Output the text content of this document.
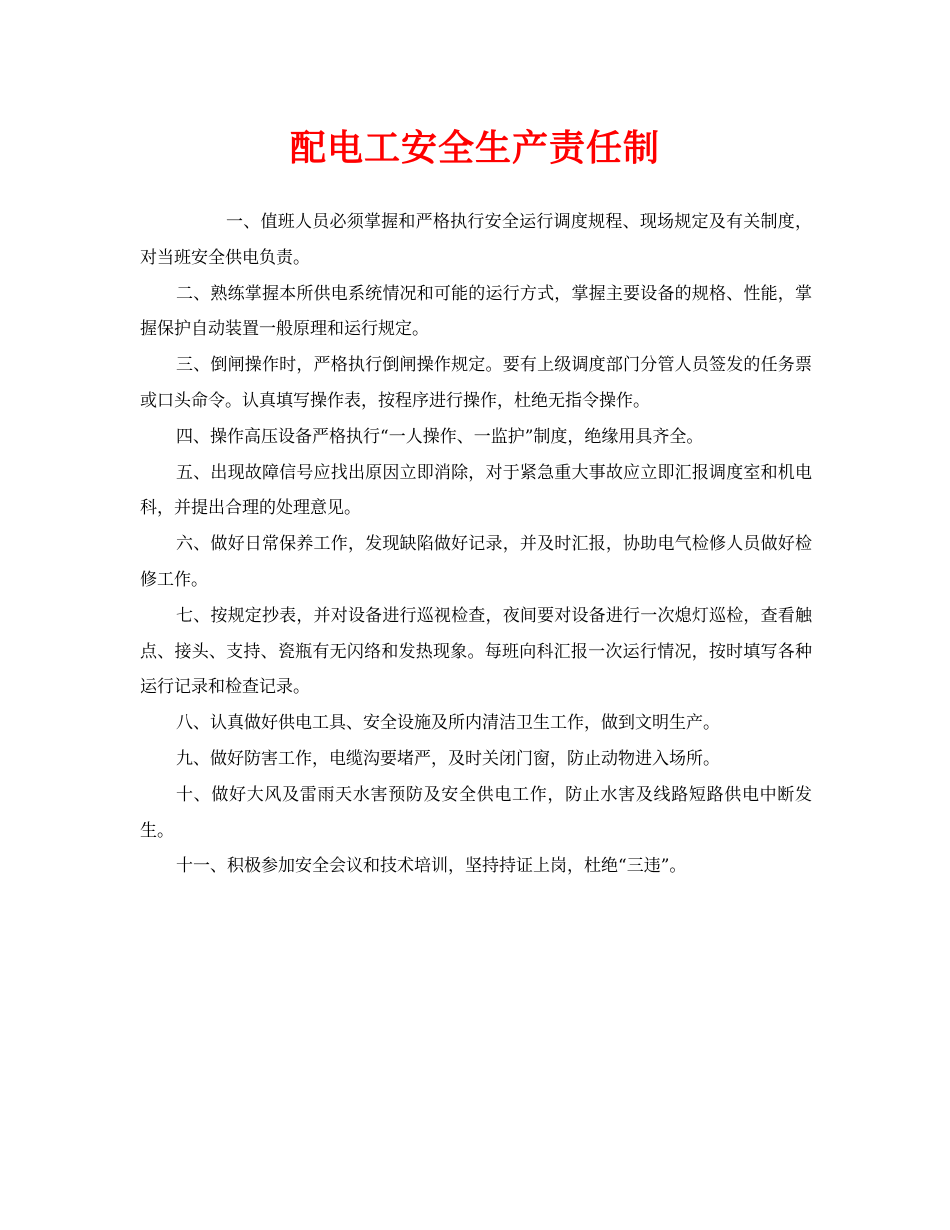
配电工安全生产责任制

一、值班人员必须掌握和严格执行安全运行调度规程、现场规定及有关制度，对当班安全供电负责。

二、熟练掌握本所供电系统情况和可能的运行方式，掌握主要设备的规格、性能，掌握保护自动装置一般原理和运行规定。

三、倒闸操作时，严格执行倒闸操作规定。要有上级调度部门分管人员签发的任务票或口头命令。认真填写操作表，按程序进行操作，杜绝无指令操作。

四、操作高压设备严格执行“一人操作、一监护”制度，绝缘用具齐全。

五、出现故障信号应找出原因立即消除，对于紧急重大事故应立即汇报调度室和机电科，并提出合理的处理意见。

六、做好日常保养工作，发现缺陷做好记录，并及时汇报，协助电气检修人员做好检修工作。

七、按规定抄表，并对设备进行巡视检查，夜间要对设备进行一次熄灯巡检，查看触点、接头、支持、瓷瓶有无闪络和发热现象。每班向科汇报一次运行情况，按时填写各种运行记录和检查记录。

八、认真做好供电工具、安全设施及所内清洁卫生工作，做到文明生产。

九、做好防害工作，电缆沟要堵严，及时关闭门窗，防止动物进入场所。

十、做好大风及雷雨天水害预防及安全供电工作，防止水害及线路短路供电中断发生。

十一、积极参加安全会议和技术培训，坚持持证上岗，杜绝“三违”。
